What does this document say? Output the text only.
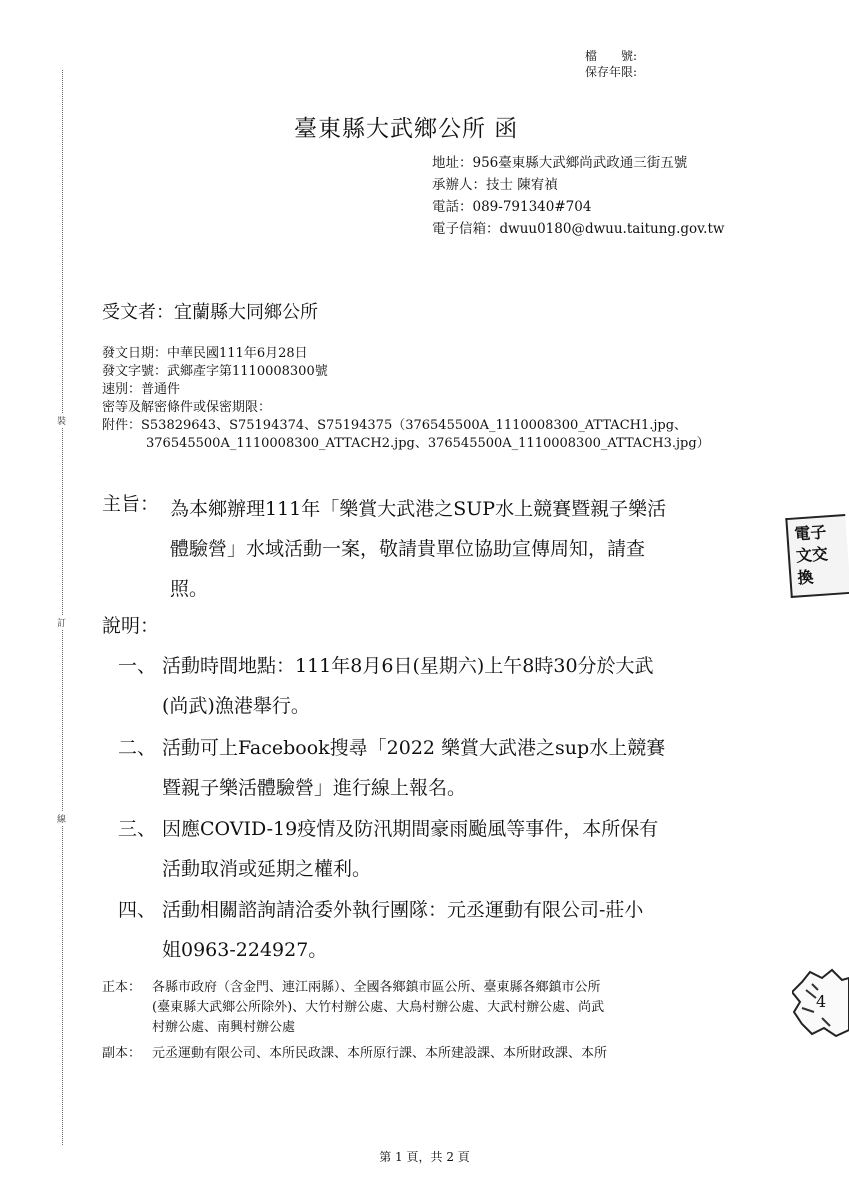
裝
訂
線
檔　　號:
保存年限:
臺東縣大武鄉公所 函
地址：956臺東縣大武鄉尚武政通三街五號
承辦人：技士 陳宥禎
電話：089-791340#704
電子信箱：dwuu0180@dwuu.taitung.gov.tw
受文者：宜蘭縣大同鄉公所
發文日期：中華民國111年6月28日
發文字號：武鄉產字第1110008300號
速別：普通件
密等及解密條件或保密期限：
附件：S53829643、S75194374、S75194375（376545500A_1110008300_ATTACH1.jpg、
376545500A_1110008300_ATTACH2.jpg、376545500A_1110008300_ATTACH3.jpg）
主旨： 為本鄉辦理111年「樂賞大武港之SUP水上競賽暨親子樂活
體驗營」水域活動一案，敬請貴單位協助宣傳周知，請查
照。
說明：
一、 活動時間地點：111年8月6日(星期六)上午8時30分於大武
(尚武)漁港舉行。
二、 活動可上Facebook搜尋「2022 樂賞大武港之sup水上競賽
暨親子樂活體驗營」進行線上報名。
三、 因應COVID-19疫情及防汛期間豪雨颱風等事件，本所保有
活動取消或延期之權利。
四、 活動相關諮詢請洽委外執行團隊：元丞運動有限公司-莊小
姐0963-224927。
正本： 各縣市政府（含金門、連江兩縣）、全國各鄉鎮市區公所、臺東縣各鄉鎮市公所
(臺東縣大武鄉公所除外)、大竹村辦公處、大鳥村辦公處、大武村辦公處、尚武
村辦公處、南興村辦公處
副本： 元丞運動有限公司、本所民政課、本所原行課、本所建設課、本所財政課、本所
電子
文交
換
4
第 1 頁，共 2 頁
